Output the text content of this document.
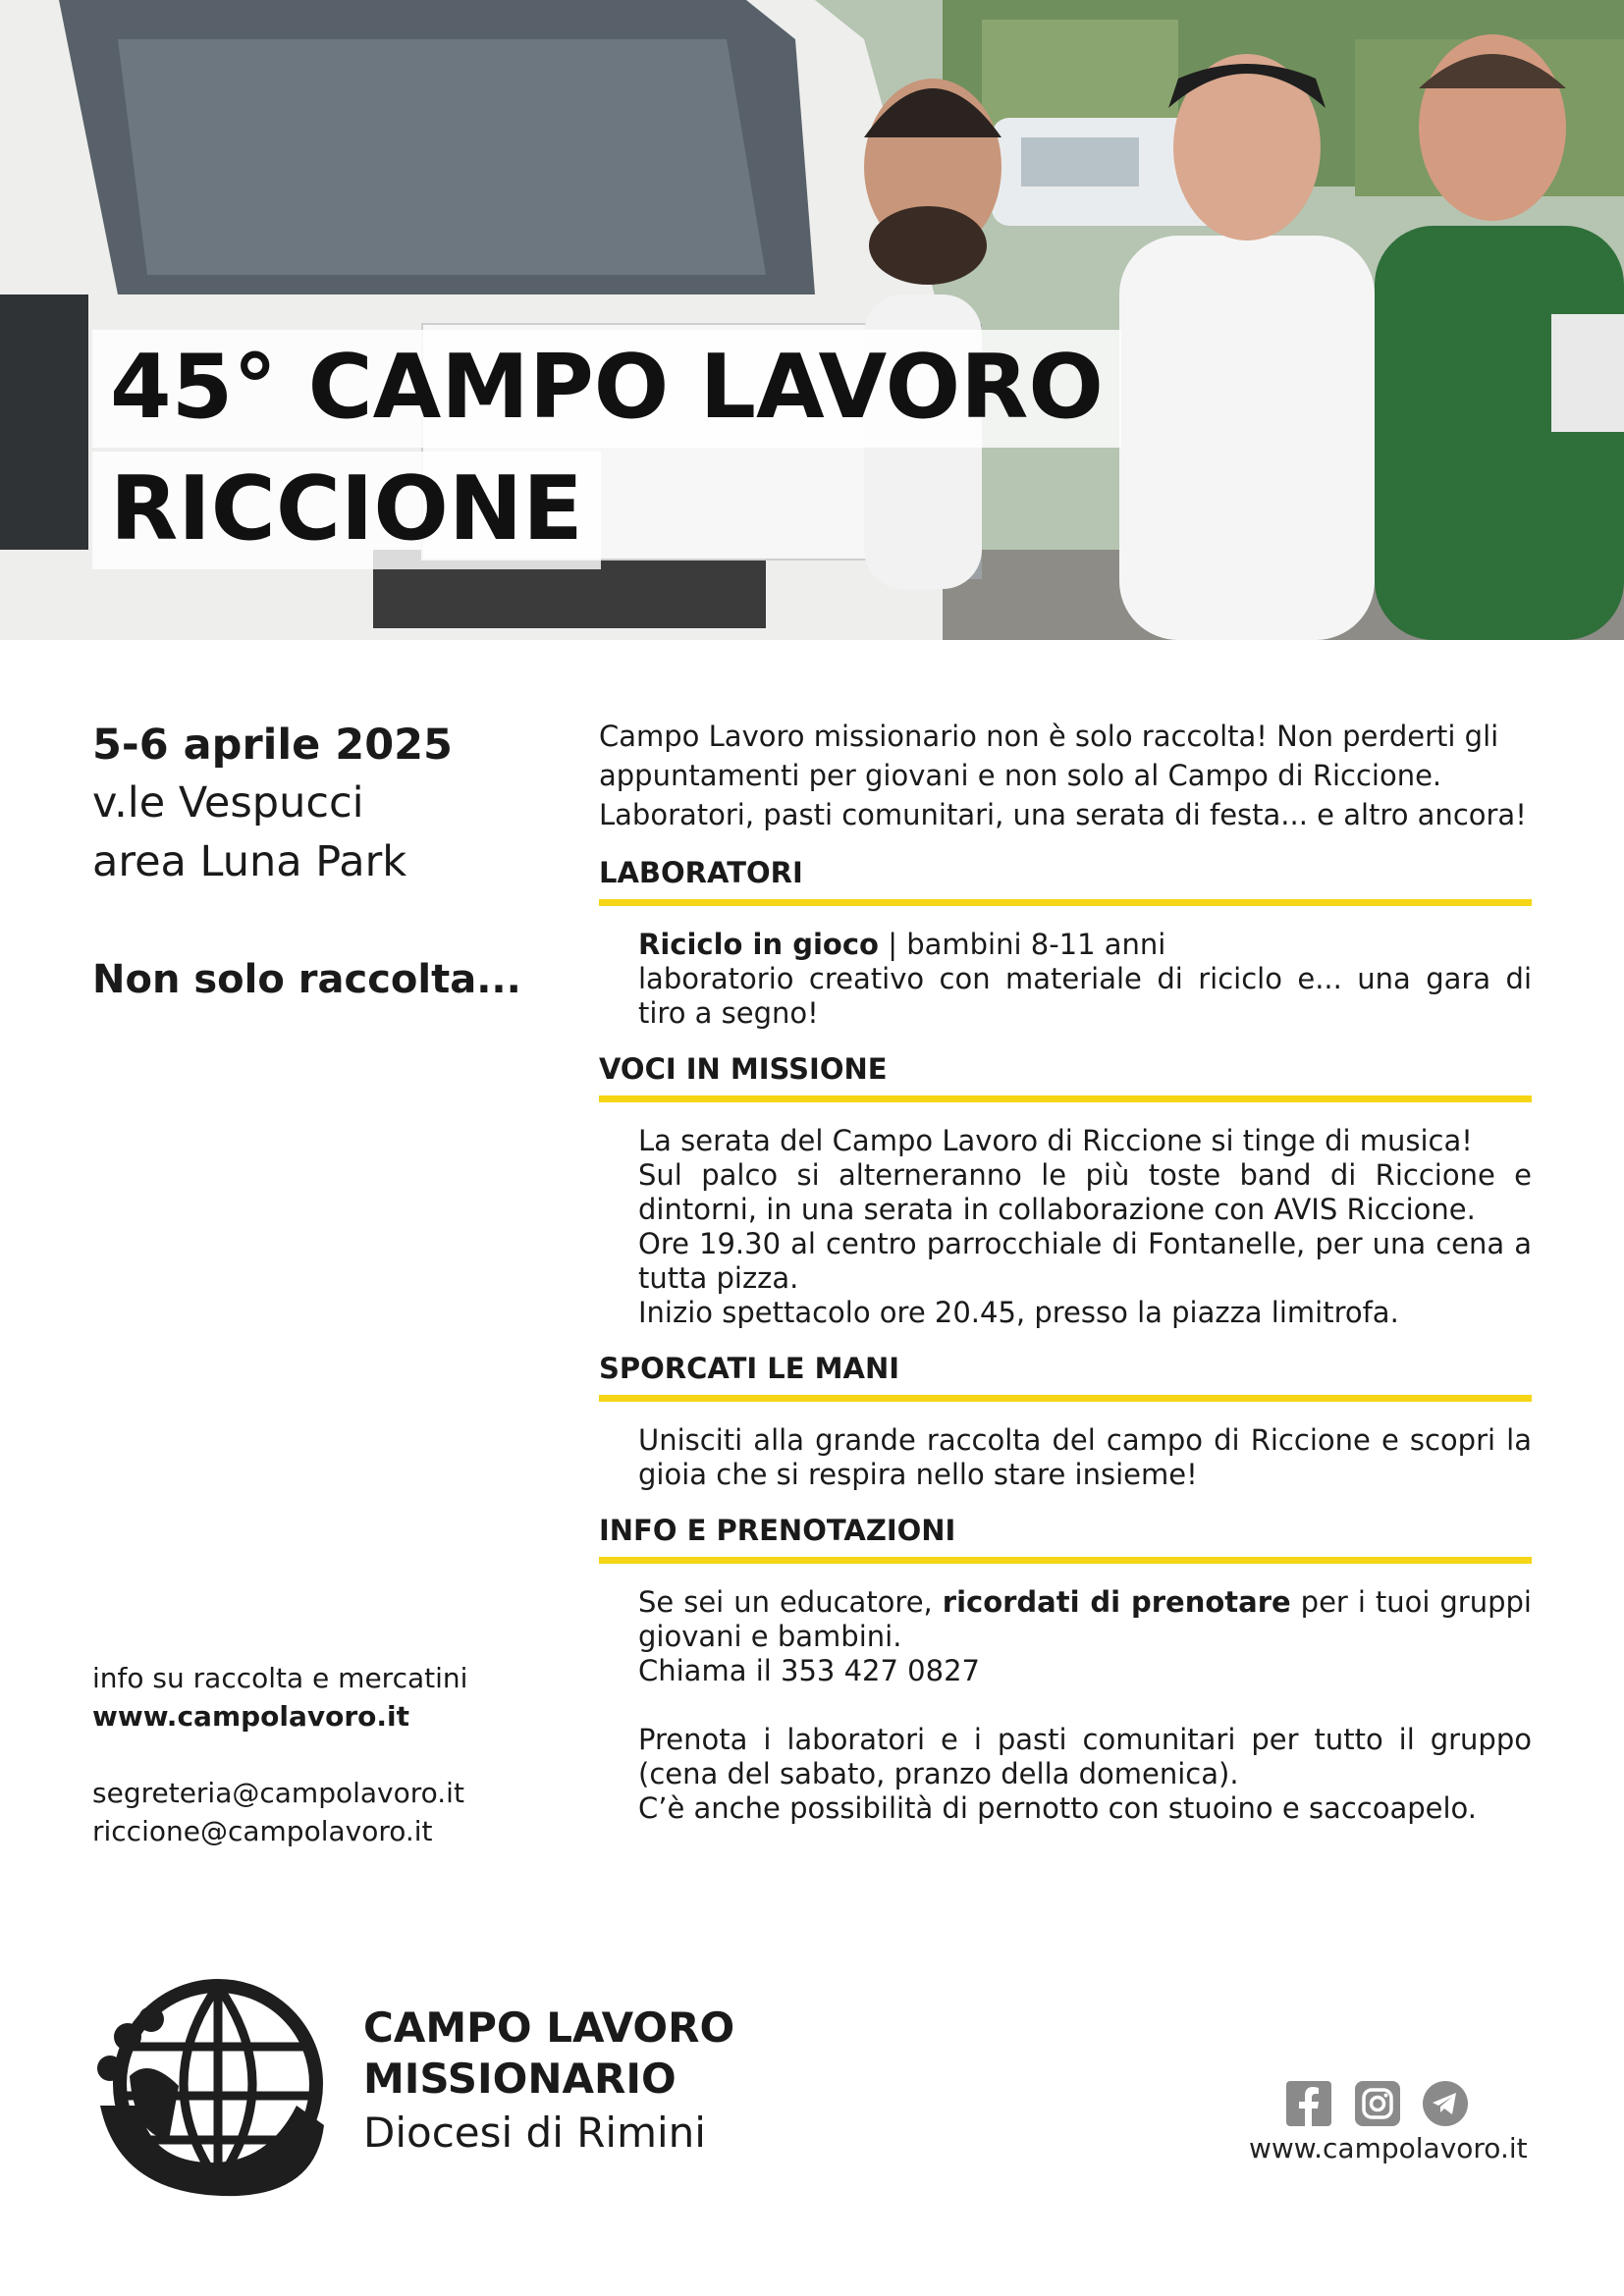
45° CAMPO LAVORO
RICCIONE
5-6 aprile 2025
v.le Vespucci
area Luna Park
Non solo raccolta...
info su raccolta e mercatini
www.campolavoro.it
segreteria@campolavoro.it
riccione@campolavoro.it
Campo Lavoro missionario non è solo raccolta! Non perderti gli appuntamenti per giovani e non solo al Campo di Riccione. Laboratori, pasti comunitari, una serata di festa... e altro ancora!
LABORATORI

Riciclo in gioco | bambini 8-11 anni

laboratorio creativo con materiale di riciclo e... una gara di tiro a segno!

VOCI IN MISSIONE

La serata del Campo Lavoro di Riccione si tinge di musica!

Sul palco si alterneranno le più toste band di Riccione e dintorni, in una serata in collaborazione con AVIS Riccione.

Ore 19.30 al centro parrocchiale di Fontanelle, per una cena a tutta pizza.

Inizio spettacolo ore 20.45, presso la piazza limitrofa.

SPORCATI LE MANI

Unisciti alla grande raccolta del campo di Riccione e scopri la gioia che si respira nello stare insieme!

INFO E PRENOTAZIONI

Se sei un educatore, ricordati di prenotare per i tuoi gruppi giovani e bambini.

Chiama il 353 427 0827

Prenota i laboratori e i pasti comunitari per tutto il gruppo (cena del sabato, pranzo della domenica).

C’è anche possibilità di pernotto con stuoino e saccoapelo.

CAMPO LAVORO
MISSIONARIO
Diocesi di Rimini	www.campolavoro.it
